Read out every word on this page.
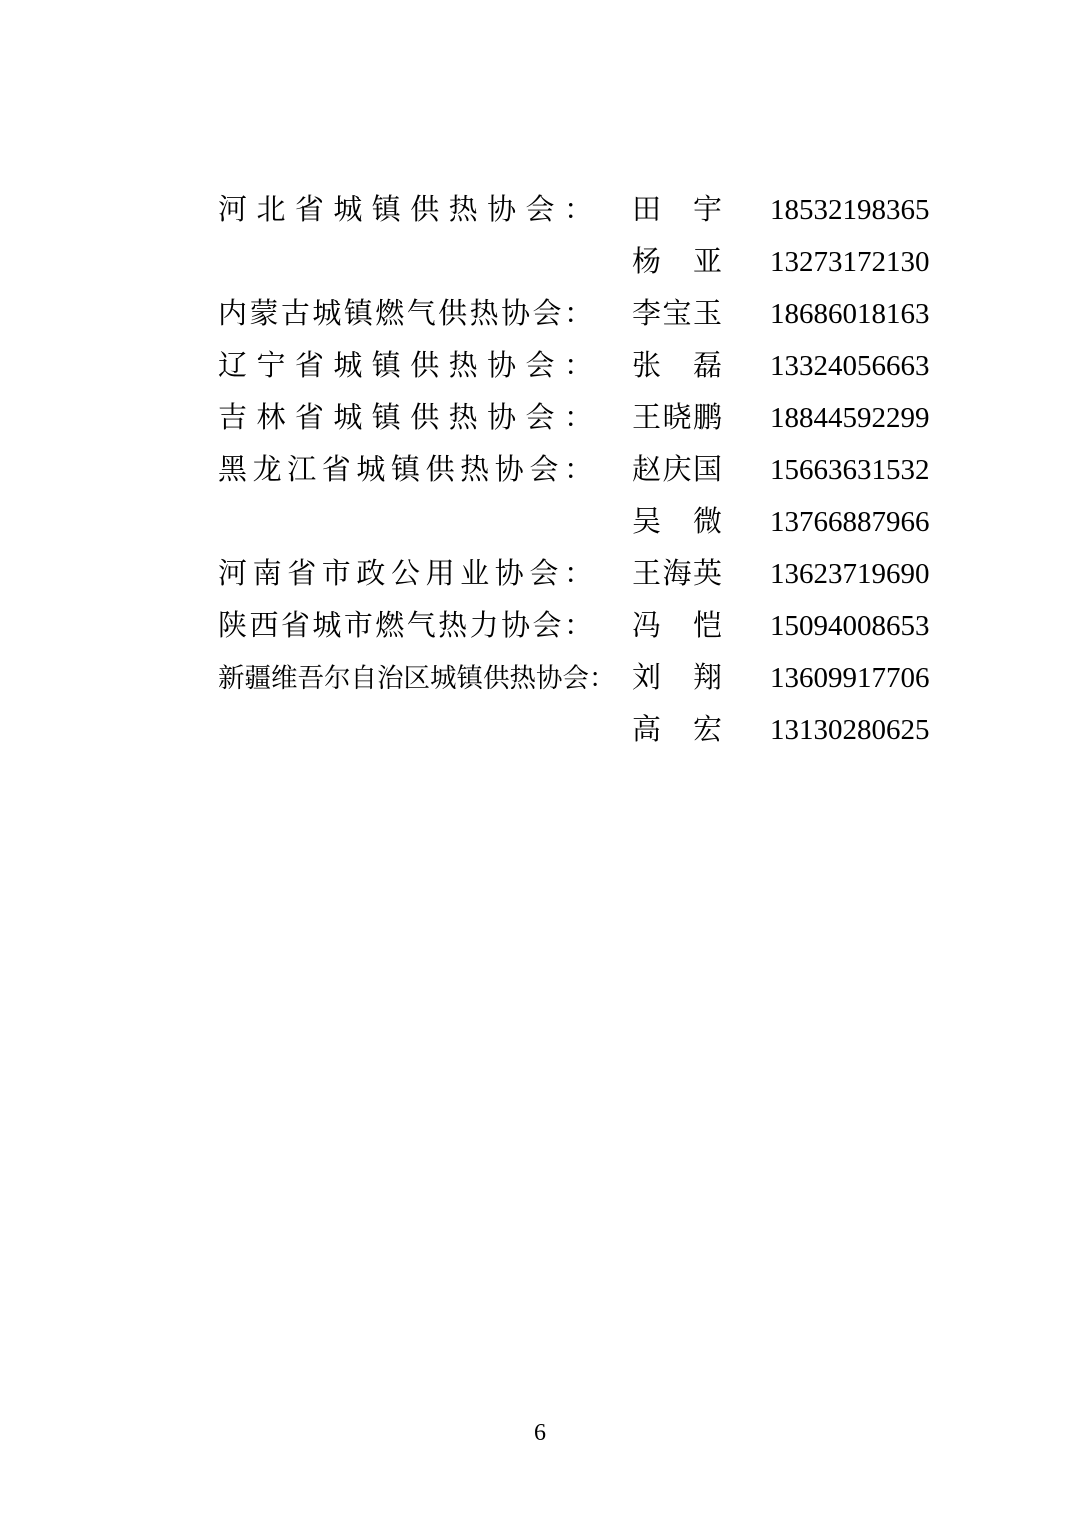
河 北 省 城 镇 供 热 协 会 ： 田 宇 18532198365
杨 亚 13273172130
内 蒙 古 城 镇 燃 气 供 热 协 会 ： 李 宝 玉 18686018163
辽 宁 省 城 镇 供 热 协 会 ： 张 磊 13324056663
吉 林 省 城 镇 供 热 协 会 ： 王 晓 鹏 18844592299
黑 龙 江 省 城 镇 供 热 协 会 ： 赵 庆 国 15663631532
吴 微 13766887966
河 南 省 市 政 公 用 业 协 会 ： 王 海 英 13623719690
陕 西 省 城 市 燃 气 热 力 协 会 ： 冯 恺 15094008653
新 疆 维 吾 尔 自 治 区 城 镇 供 热 协 会 ： 刘 翔 13609917706
高 宏 13130280625
6
